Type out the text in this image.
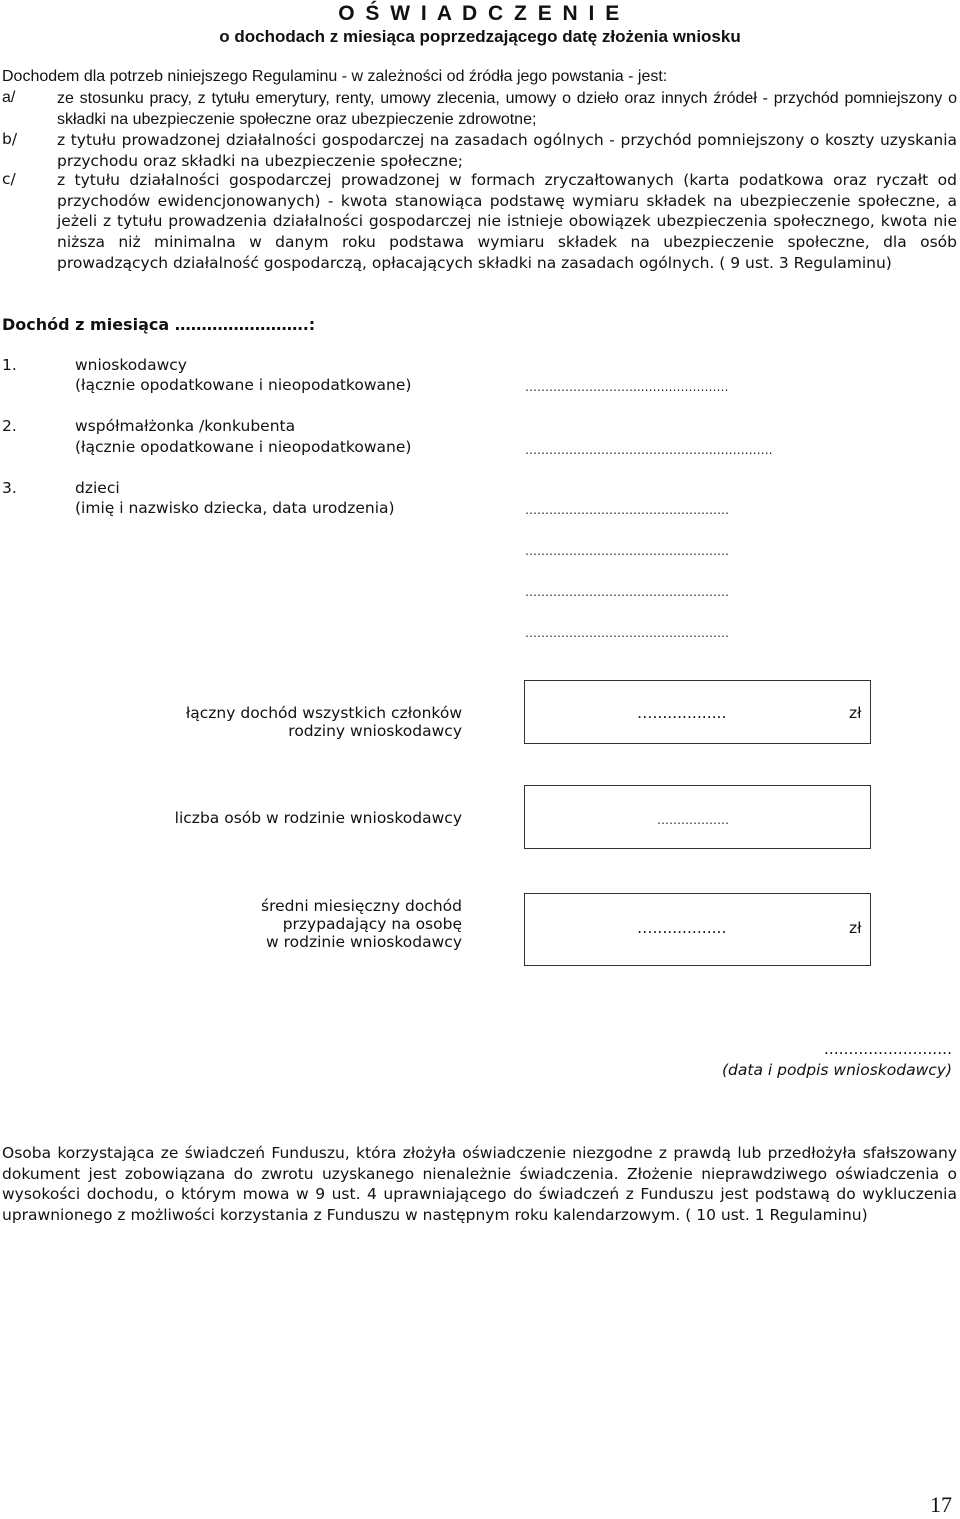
O Ś W I A D C Z E N I E
o dochodach z miesiąca poprzedzającego datę złożenia wniosku
Dochodem dla potrzeb niniejszego Regulaminu - w zależności od źródła jego powstania - jest:
a/	ze stosunku pracy, z tytułu emerytury, renty, umowy zlecenia, umowy o dzieło oraz innych źródeł - przychód pomniejszony o składki na ubezpieczenie społeczne oraz ubezpieczenie zdrowotne;
b/	z tytułu prowadzonej działalności gospodarczej na zasadach ogólnych - przychód pomniejszony o koszty uzyskania przychodu oraz składki na ubezpieczenie społeczne;
c/	z tytułu działalności gospodarczej prowadzonej w formach zryczałtowanych (karta podatkowa oraz ryczałt od przychodów ewidencjonowanych) - kwota stanowiąca podstawę wymiaru składek na ubezpieczenie społeczne, a jeżeli z tytułu prowadzenia działalności gospodarczej nie istnieje obowiązek ubezpieczenia społecznego, kwota nie niższa niż minimalna w danym roku podstawa wymiaru składek na ubezpieczenie społeczne, dla osób prowadzących działalność gospodarczą, opłacających składki na zasadach ogólnych. ( 9 ust. 3 Regulaminu)
Dochód z miesiąca …………………….:
1.	wnioskodawcy
(łącznie opodatkowane i nieopodatkowane)	………………………..…….……………
2.	współmałżonka /konkubenta
(łącznie opodatkowane i nieopodatkowane)	………………………………………..……………
3.	dzieci
(imię i nazwisko dziecka, data urodzenia)	……………………………………………
……………………………………………
……………………………………………
……………………………………………
łączny dochód wszystkich członków
rodziny wnioskodawcy
…...............	zł
liczba osób w rodzinie wnioskodawcy	………………
średni miesięczny dochód
przypadający na osobę
w rodzinie wnioskodawcy
…...............	zł
..........................
(data i podpis wnioskodawcy)
Osoba korzystająca ze świadczeń Funduszu, która złożyła oświadczenie niezgodne z prawdą lub przedłożyła sfałszowany dokument jest zobowiązana do zwrotu uzyskanego nienależnie świadczenia. Złożenie nieprawdziwego oświadczenia o wysokości dochodu, o którym mowa w 9 ust. 4 uprawniającego do świadczeń z Funduszu jest podstawą do wykluczenia uprawnionego z możliwości korzystania z Funduszu w następnym roku kalendarzowym. ( 10 ust. 1 Regulaminu)
17
